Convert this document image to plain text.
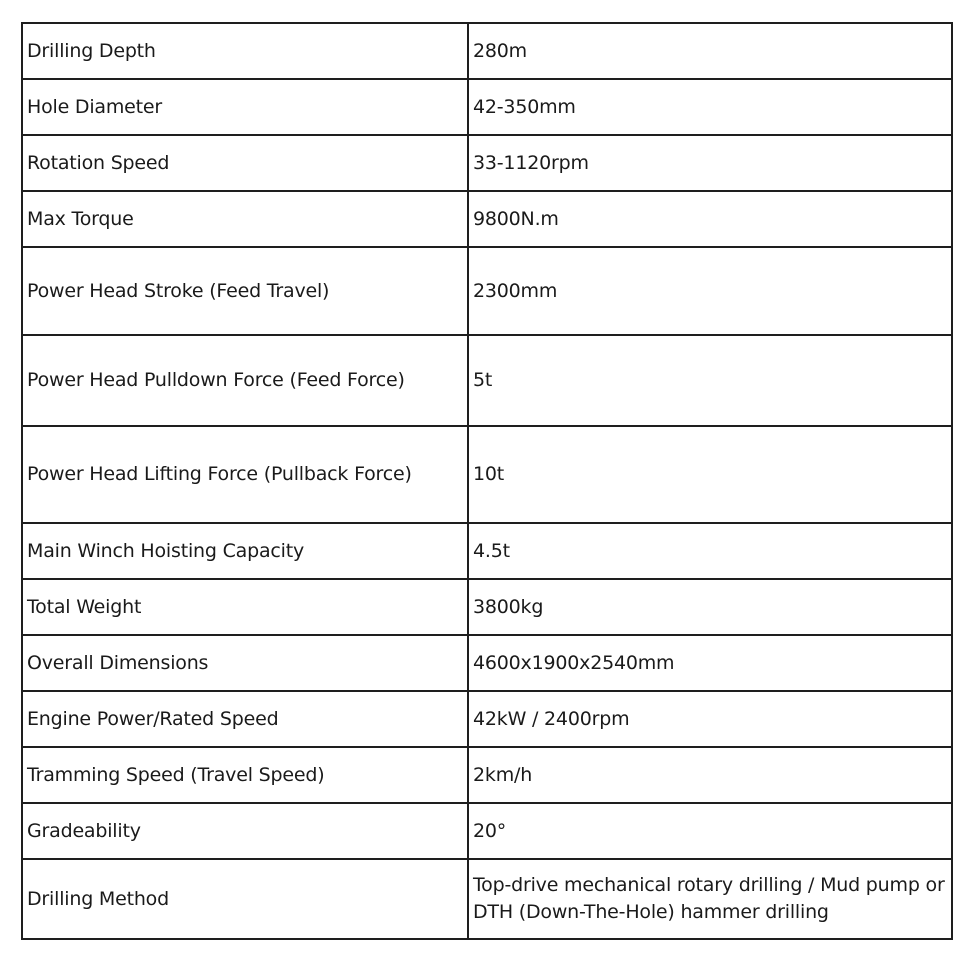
Drilling Depth	280m
Hole Diameter	42-350mm
Rotation Speed	33-1120rpm
Max Torque	9800N.m
Power Head Stroke (Feed Travel)	2300mm
Power Head Pulldown Force (Feed Force)	5t
Power Head Lifting Force (Pullback Force)	10t
Main Winch Hoisting Capacity	4.5t
Total Weight	3800kg
Overall Dimensions	4600x1900x2540mm
Engine Power/Rated Speed	42kW / 2400rpm
Tramming Speed (Travel Speed)	2km/h
Gradeability	20°
Drilling Method	Top-drive mechanical rotary drilling / Mud pump or DTH (Down-The-Hole) hammer drilling
